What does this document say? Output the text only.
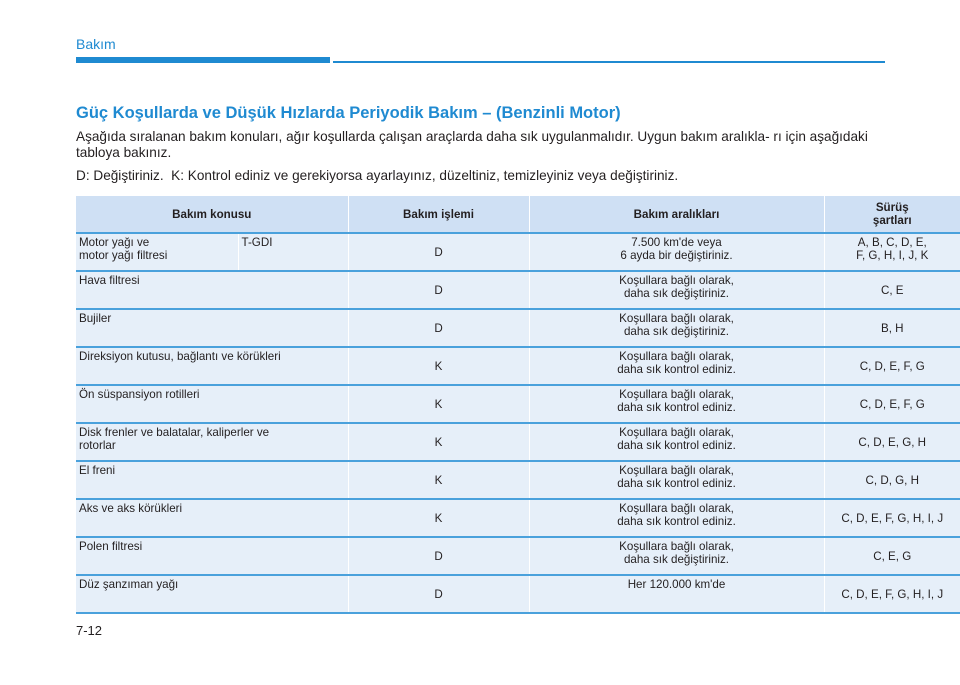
Bakım
Güç Koşullarda ve Düşük Hızlarda Periyodik Bakım – (Benzinli Motor)

Aşağıda sıralanan bakım konuları, ağır koşullarda çalışan araçlarda daha sık uygulanmalıdır. Uygun bakım aralıkla- rı için aşağıdaki tabloya bakınız.

D: Değiştiriniz.  K: Kontrol ediniz ve gerekiyorsa ayarlayınız, düzeltiniz, temizleyiniz veya değiştiriniz.

Bakım konusu		Bakım işlemi	Bakım aralıkları	Sürüş
şartları

Motor yağı ve
motor yağı filtresi	T-GDI	D	7.500 km'de veya
6 ayda bir değiştiriniz.	A, B, C, D, E,
F, G, H, I, J, K

Hava filtresi		D	Koşullara bağlı olarak,
daha sık değiştiriniz.	C, E

Bujiler		D	Koşullara bağlı olarak,
daha sık değiştiriniz.	B, H

Direksiyon kutusu, bağlantı ve körükleri		K	Koşullara bağlı olarak,
daha sık kontrol ediniz.	C, D, E, F, G

Ön süspansiyon rotilleri		K	Koşullara bağlı olarak,
daha sık kontrol ediniz.	C, D, E, F, G

Disk frenler ve balatalar, kaliperler ve
rotorlar		K	Koşullara bağlı olarak,
daha sık kontrol ediniz.	C, D, E, G, H

El freni		K	Koşullara bağlı olarak,
daha sık kontrol ediniz.	C, D, G, H

Aks ve aks körükleri		K	Koşullara bağlı olarak,
daha sık kontrol ediniz.	C, D, E, F, G, H, I, J

Polen filtresi		D	Koşullara bağlı olarak,
daha sık değiştiriniz.	C, E, G

Düz şanzıman yağı		D	Her 120.000 km'de	C, D, E, F, G, H, I, J
7-12
